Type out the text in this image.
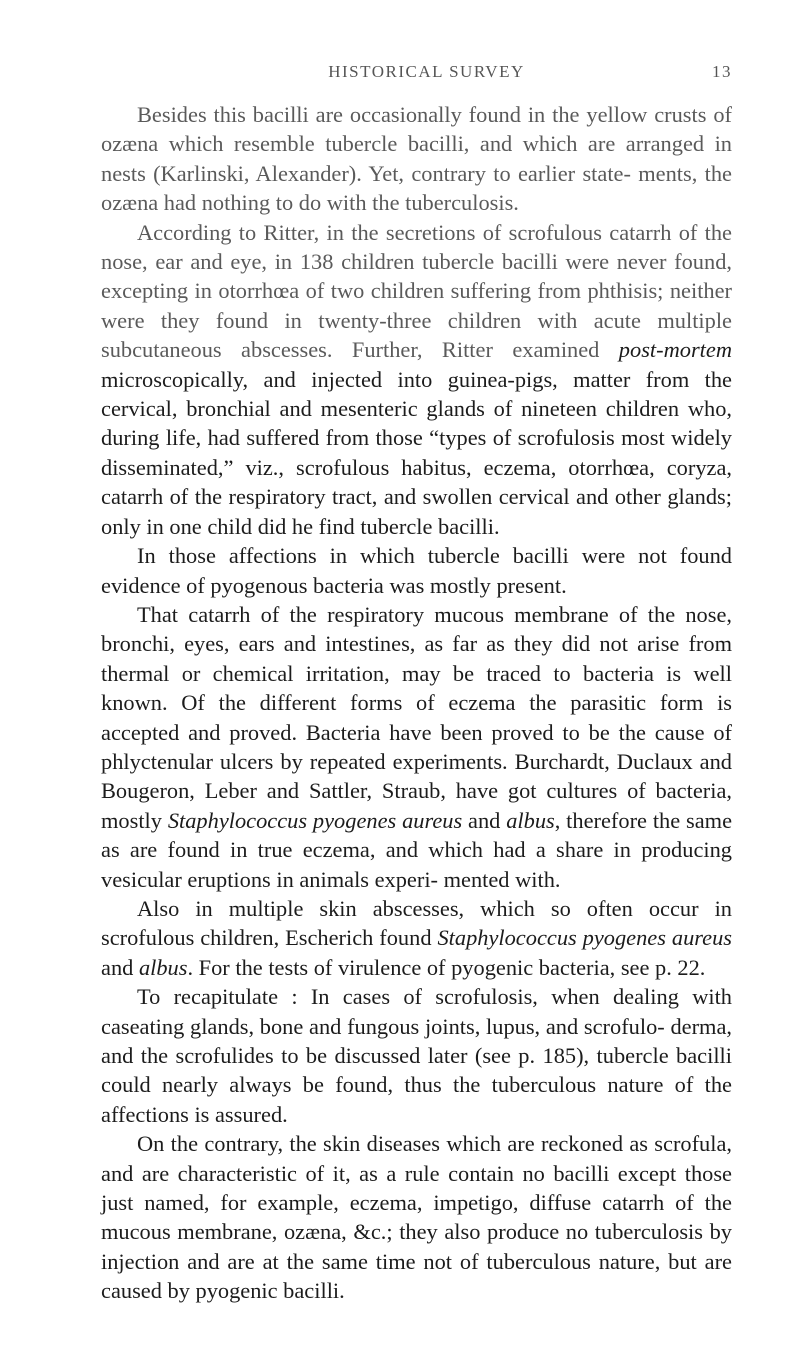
HISTORICAL SURVEY	13

Besides this bacilli are occasionally found in the yellow crusts of ozæna which resemble tubercle bacilli, and which are arranged in nests (Karlinski, Alexander). Yet, contrary to earlier state- ments, the ozæna had nothing to do with the tuberculosis.

According to Ritter, in the secretions of scrofulous catarrh of the nose, ear and eye, in 138 children tubercle bacilli were never found, excepting in otorrhœa of two children suffering from phthisis; neither were they found in twenty-three children with acute multiple subcutaneous abscesses. Further, Ritter examined post-mortem microscopically, and injected into guinea-pigs, matter from the cervical, bronchial and mesenteric glands of nineteen children who, during life, had suffered from those “types of scrofulosis most widely disseminated,” viz., scrofulous habitus, eczema, otorrhœa, coryza, catarrh of the respiratory tract, and swollen cervical and other glands; only in one child did he find tubercle bacilli.

In those affections in which tubercle bacilli were not found evidence of pyogenous bacteria was mostly present.

That catarrh of the respiratory mucous membrane of the nose, bronchi, eyes, ears and intestines, as far as they did not arise from thermal or chemical irritation, may be traced to bacteria is well known. Of the different forms of eczema the parasitic form is accepted and proved. Bacteria have been proved to be the cause of phlyctenular ulcers by repeated experiments. Burchardt, Duclaux and Bougeron, Leber and Sattler, Straub, have got cultures of bacteria, mostly Staphylococcus pyogenes aureus and albus, therefore the same as are found in true eczema, and which had a share in producing vesicular eruptions in animals experi- mented with.

Also in multiple skin abscesses, which so often occur in scrofulous children, Escherich found Staphylococcus pyogenes aureus and albus. For the tests of virulence of pyogenic bacteria, see p. 22.

To recapitulate : In cases of scrofulosis, when dealing with caseating glands, bone and fungous joints, lupus, and scrofulo- derma, and the scrofulides to be discussed later (see p. 185), tubercle bacilli could nearly always be found, thus the tuberculous nature of the affections is assured.

On the contrary, the skin diseases which are reckoned as scrofula, and are characteristic of it, as a rule contain no bacilli except those just named, for example, eczema, impetigo, diffuse catarrh of the mucous membrane, ozæna, &c.; they also produce no tuberculosis by injection and are at the same time not of tuberculous nature, but are caused by pyogenic bacilli.
